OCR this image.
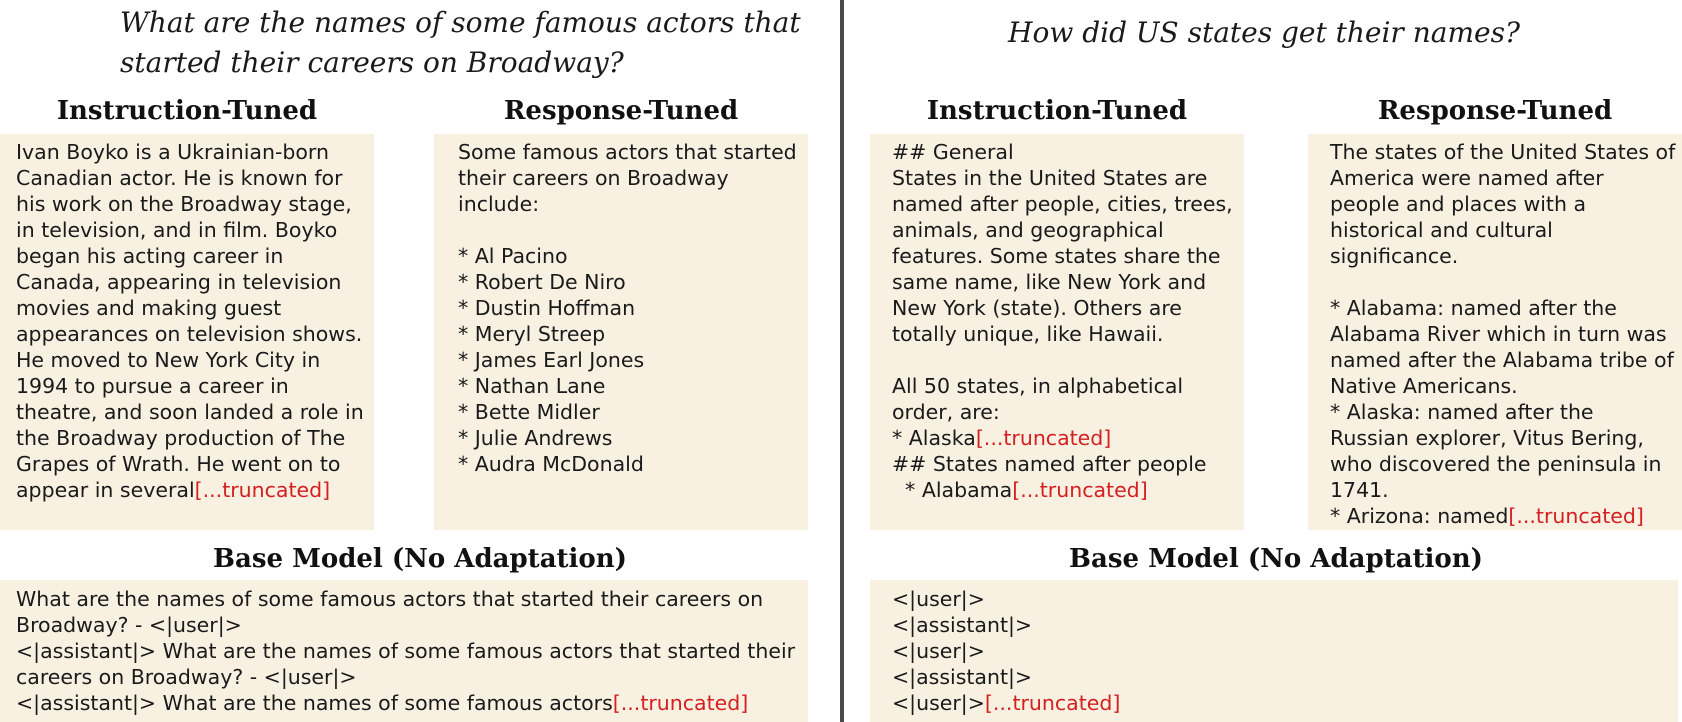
What are the names of some famous actors that started their careers on Broadway?
Instruction-Tuned
Ivan Boyko is a Ukrainian-born Canadian actor. He is known for his work on the Broadway stage, in television, and in film. Boyko began his acting career in Canada, appearing in television movies and making guest appearances on television shows. He moved to New York City in 1994 to pursue a career in theatre, and soon landed a role in the Broadway production of The Grapes of Wrath. He went on to appear in several[...truncated]
Response-Tuned
Some famous actors that started their careers on Broadway include:

* Al Pacino
* Robert De Niro
* Dustin Hoffman
* Meryl Streep
* James Earl Jones
* Nathan Lane
* Bette Midler
* Julie Andrews
* Audra McDonald
Base Model (No Adaptation)
What are the names of some famous actors that started their careers on Broadway? - <|user|>
<|assistant|> What are the names of some famous actors that started their careers on Broadway? - <|user|>
<|assistant|> What are the names of some famous actors[...truncated]
How did US states get their names?
Instruction-Tuned
## General
States in the United States are named after people, cities, trees, animals, and geographical features. Some states share the same name, like New York and New York (state). Others are totally unique, like Hawaii.

All 50 states, in alphabetical order, are:
* Alaska[...truncated]
## States named after people
* Alabama[...truncated]
Response-Tuned
The states of the United States of America were named after people and places with a historical and cultural significance.

* Alabama: named after the Alabama River which in turn was named after the Alabama tribe of Native Americans.
* Alaska: named after the Russian explorer, Vitus Bering, who discovered the peninsula in 1741.
* Arizona: named[...truncated]
Base Model (No Adaptation)
<|user|>
<|assistant|>
<|user|>
<|assistant|>
<|user|>[...truncated]
